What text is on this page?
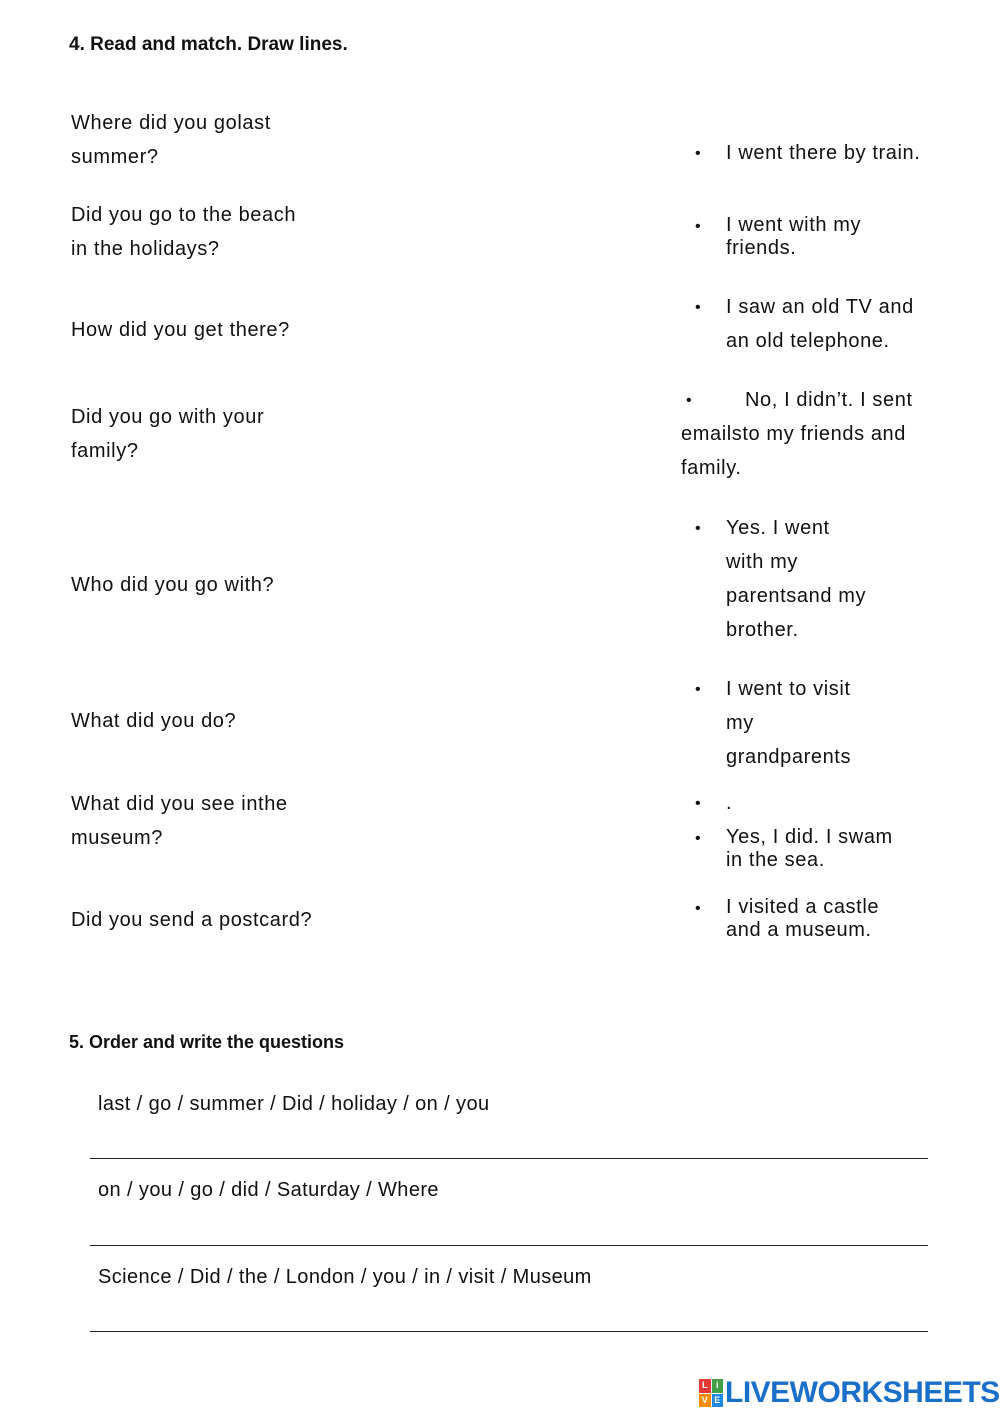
4. Read and match. Draw lines.
Where did you golast
summer?
Did you go to the beach
in the holidays?
How did you get there?
Did you go with your
family?
Who did you go with?
What did you do?
What did you see inthe
museum?
Did you send a postcard?
• I went there by train.
• I went with my
friends.
• I saw an old TV and
an old telephone.
•	No, I didn’t. I sent
emailsto my friends and
family.
• Yes. I went
with my
parentsand my
brother.
• I went to visit
my
grandparents
• .
• Yes, I did. I swam
in the sea.
• I visited a castle
and a museum.
5. Order and write the questions
last / go / summer / Did / holiday / on / you
on / you / go / did / Saturday / Where
Science / Did / the / London / you / in / visit / Museum
L i
V E LIVEWORKSHEETS
